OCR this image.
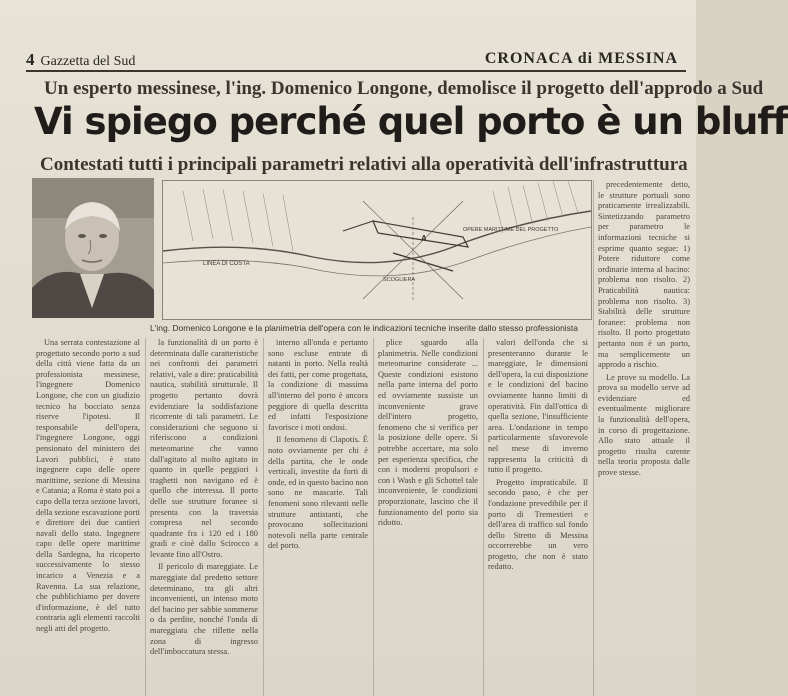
4 Gazzetta del Sud	CRONACA di MESSINA
Un esperto messinese, l'ing. Domenico Longone, demolisce il progetto dell'approdo a Sud
Vi spiego perché quel porto è un bluff
Contestati tutti i principali parametri relativi alla operatività dell'infrastruttura
LINEA DI COSTA
OPERE MARITTIME DEL PROGETTO
SCOGLIERA
A
L'ing. Domenico Longone e la planimetria dell'opera con le indicazioni tecniche inserite dallo stesso professionista

Una serrata contestazione al progettato secondo porto a sud della città viene fatta da un professionista messinese, l'ingegnere Domenico Longone, che con un giudizio tecnico ha bocciato senza riserve l'ipotesi. Il responsabile dell'opera, l'ingegnere Longone, oggi pensionato del ministero dei Lavori pubblici, è stato ingegnere capo delle opere marittime, sezione di Messina e Catania; a Roma è stato poi a capo della terza sezione lavori, della sezione escavazione porti e direttore dei due cantieri navali dello stato. Ingegnere capo delle opere marittime della Sardegna, ha ricoperto successivamente lo stesso incarico a Venezia e a Ravenna. La sua relazione, che pubblichiamo per dovere d'informazione, è del tutto contraria agli elementi raccolti negli atti del progetto.

la funzionalità di un porto è determinata dalle caratteristiche nei confronti dei parametri relativi, vale a dire: praticabilità nautica, stabilità strutturale. Il progetto pertanto dovrà evidenziare la soddisfazione ricorrente di tali parametri. Le considerazioni che seguono si riferiscono a condizioni meteomarine che vanno dall'agitato al molto agitato in quanto in quelle peggiori i traghetti non navigano ed è quello che interessa. Il porto delle sue strutture foranee si presenta con la traversia compresa nel secondo quadrante fra i 120 ed i 180 gradi e cioè dallo Scirocco a levante fino all'Ostro.

Il pericolo di mareggiate. Le mareggiate dal predetto settore determinano, tra gli altri inconvenienti, un intenso moto del bacino per sabbie sommerse o da perdite, nonché l'onda di mareggiata che riflette nella zona di ingresso dell'imboccatura stessa.

interno all'onda e pertanto sono escluse entrate di natanti in porto. Nella realtà dei fatti, per come progettata, la condizione di massima all'interno del porto è ancora peggiore di quella descritta ed infatti l'esposizione favorisce i moti ondosi.

Il fenomeno di Clapotis. È noto ovviamente per chi è della partita, che le onde verticali, investite da forti di onde, ed in questo bacino non sono ne mascarie. Tali fenomeni sono rilevanti nelle strutture antistanti, che provocano sollecitazioni notevoli nella parte centrale del porto.

plice sguardo alla planimetria. Nelle condizioni meteomarine considerate ... Queste condizioni esistono nella parte interna del porto ed ovviamente sussiste un inconveniente grave dell'intero progetto, fenomeno che si verifica per la posizione delle opere. Si potrebbe accertare, ma solo per esperienza specifica, che con i moderni propulsori e con i Wash e gli Schottel tale inconveniente, le condizioni proporzionate, lascino che il funzionamento del porto sia ridotto.

valori dell'onda che si presenteranno durante le mareggiate, le dimensioni dell'opera, la cui disposizione e le condizioni del bacino ovviamente hanno limiti di operatività. Fin dall'ottica di quella sezione, l'insufficiente area. L'ondazione in tempo particolarmente sfavorevole nel mese di inverno rappresenta la criticità di tutto il progetto.

Progetto impraticabile. Il secondo paso, è che per l'ondazione prevedibile per il porto di Tremestieri e dell'area di traffico sul fondo dello Stretto di Messina occorrerebbe un vero progetto, che non è stato redatto.

precedentemente detto, le strutture portuali sono praticamente irrealizzabili. Sintetizzando parametro per parametro le informazioni tecniche si esprime quanto segue: 1) Potere riduttore come ordinarie interna al bacino: problema non risolto. 2) Praticabilità nautica: problema non risolto. 3) Stabilità delle strutture foranee: problema non risolto. Il porto progettato pertanto non è un porto, ma semplicemente un approdo a rischio.

Le prove su modello. La prova su modello serve ad evidenziare ed eventualmente migliorare la funzionalità dell'opera, in corso di progettazione. Allo stato attuale il progetto risulta carente nella teoria proposta dalle prove stesse.
